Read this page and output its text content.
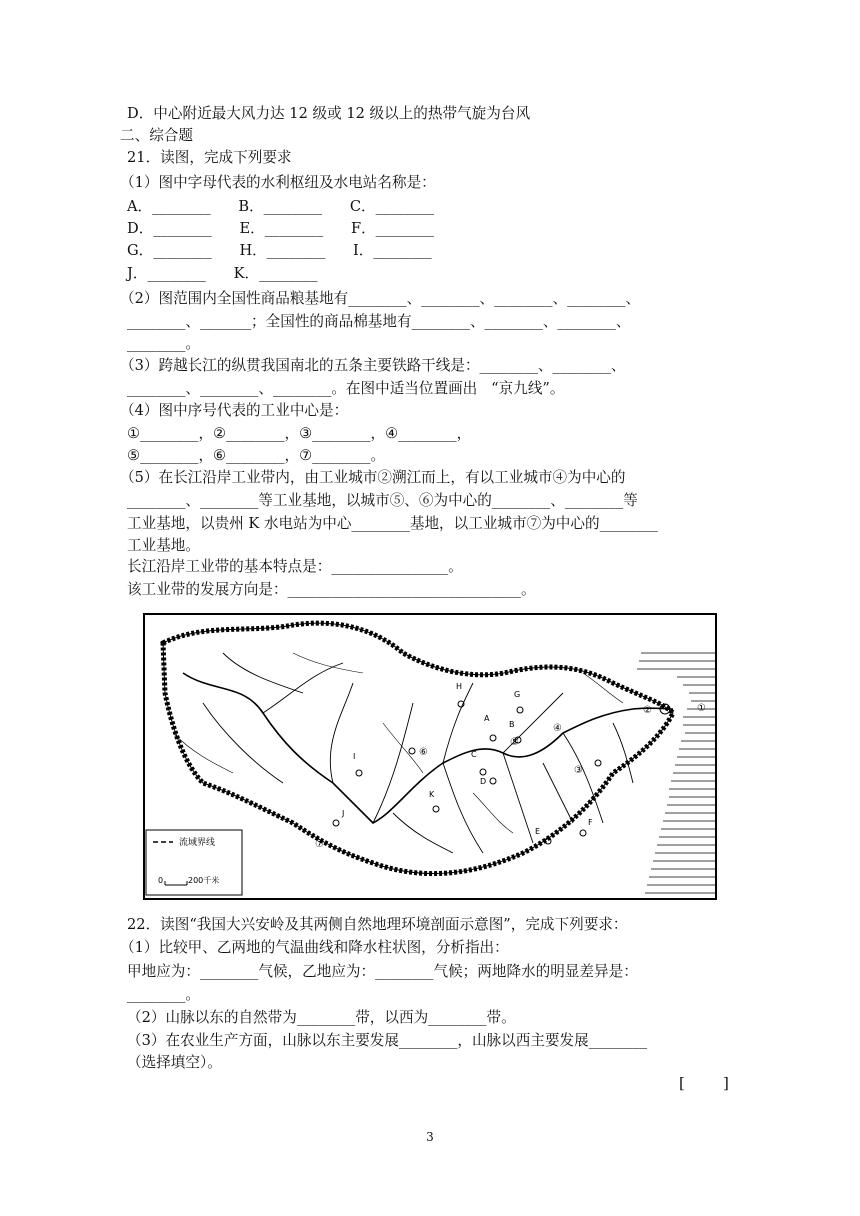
D．中心附近最大风力达 12 级或 12 级以上的热带气旋为台风
二、综合题
21．读图，完成下列要求
（1）图中字母代表的水利枢纽及水电站名称是：
A．________      B．________      C．________
D．________      E．________      F．________
G．________      H．________      I．________
J．________      K．________
（2）图范围内全国性商品粮基地有________、________、________、________、
________、_______；全国性的商品棉基地有________、________、________、
________。
（3）跨越长江的纵贯我国南北的五条主要铁路干线是：________、________、
________、________、________。在图中适当位置画出   “京九线”。
（4）图中序号代表的工业中心是：
①________，②________，③________，④________，
⑤________，⑥________，⑦________。
（5）在长江沿岸工业带内，由工业城市②溯江而上，有以工业城市④为中心的
________、________等工业基地，以城市⑤、⑥为中心的________、________等
工业基地，以贵州 K 水电站为中心________基地，以工业城市⑦为中心的________
工业基地。
长江沿岸工业带的基本特点是：________________。
该工业带的发展方向是：________________________________。
A
B
C
D
E
F
G
H
I
J
K
①
②
③
④
⑤
⑥
⑦
流域界线
0	200千米
22．读图“我国大兴安岭及其两侧自然地理环境剖面示意图”，完成下列要求：
（1）比较甲、乙两地的气温曲线和降水柱状图，分析指出：
甲地应为：________气候，乙地应为：________气候；两地降水的明显差异是：
________。
（2）山脉以东的自然带为________带，以西为________带。
（3）在农业生产方面，山脉以东主要发展________，山脉以西主要发展________
（选择填空）。
[        ]
3
